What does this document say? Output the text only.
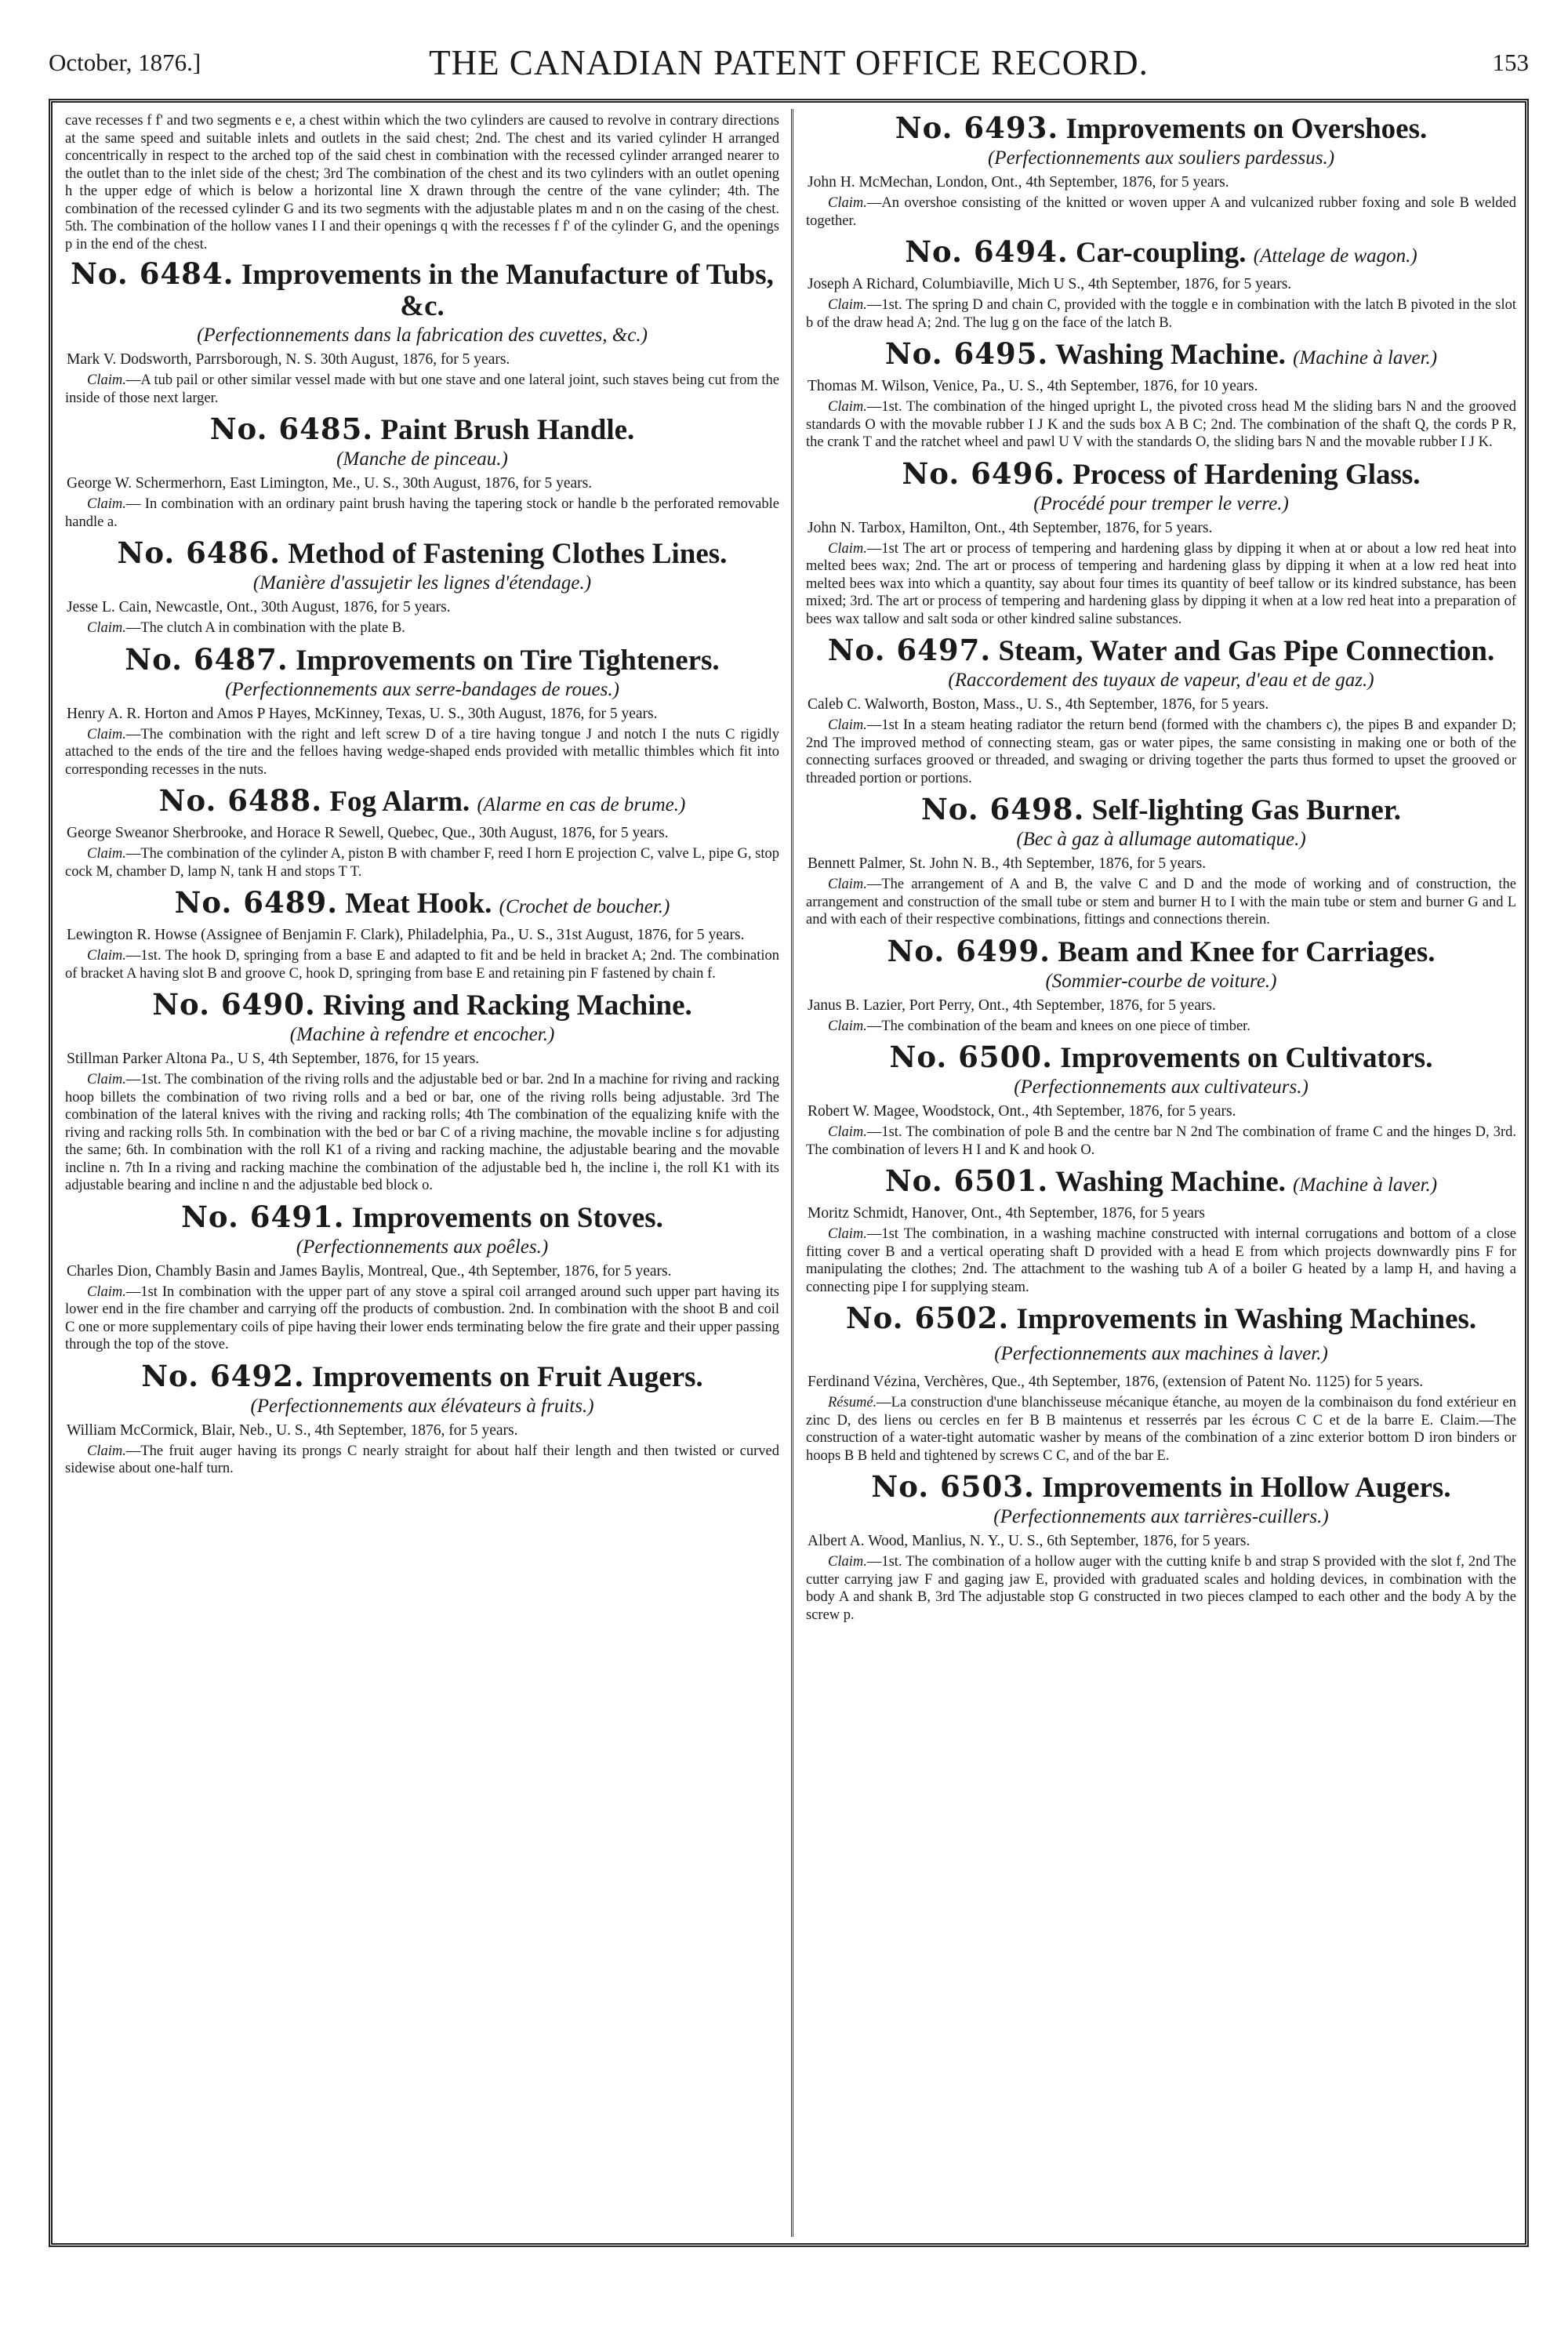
October, 1876.]	THE CANADIAN PATENT OFFICE RECORD.	153

cave recesses f f' and two segments e e, a chest within which the two cylinders are caused to revolve in contrary directions at the same speed and suitable inlets and outlets in the said chest; 2nd. The chest and its varied cylinder H arranged concentrically in respect to the arched top of the said chest in combination with the recessed cylinder arranged nearer to the outlet than to the inlet side of the chest; 3rd The combination of the chest and its two cylinders with an outlet opening h the upper edge of which is below a horizontal line X drawn through the centre of the vane cylinder; 4th. The combination of the recessed cylinder G and its two segments with the adjustable plates m and n on the casing of the chest. 5th. The combination of the hollow vanes I I and their openings q with the recesses f f' of the cylinder G, and the openings p in the end of the chest.

No. 6484. Improvements in the Manufacture of Tubs, &c.
(Perfectionnements dans la fabrication des cuvettes, &c.)
Mark V. Dodsworth, Parrsborough, N. S. 30th August, 1876, for 5 years.

Claim.—A tub pail or other similar vessel made with but one stave and one lateral joint, such staves being cut from the inside of those next larger.

No. 6485. Paint Brush Handle.
(Manche de pinceau.)
George W. Schermerhorn, East Limington, Me., U. S., 30th August, 1876, for 5 years.

Claim.— In combination with an ordinary paint brush having the tapering stock or handle b the perforated removable handle a.

No. 6486. Method of Fastening Clothes Lines.
(Manière d'assujetir les lignes d'étendage.)
Jesse L. Cain, Newcastle, Ont., 30th August, 1876, for 5 years.

Claim.—The clutch A in combination with the plate B.

No. 6487. Improvements on Tire Tighteners.
(Perfectionnements aux serre-bandages de roues.)
Henry A. R. Horton and Amos P Hayes, McKinney, Texas, U. S., 30th August, 1876, for 5 years.

Claim.—The combination with the right and left screw D of a tire having tongue J and notch I the nuts C rigidly attached to the ends of the tire and the felloes having wedge-shaped ends provided with metallic thimbles which fit into corresponding recesses in the nuts.

No. 6488. Fog Alarm. (Alarme en cas de brume.)
George Sweanor Sherbrooke, and Horace R Sewell, Quebec, Que., 30th August, 1876, for 5 years.

Claim.—The combination of the cylinder A, piston B with chamber F, reed I horn E projection C, valve L, pipe G, stop cock M, chamber D, lamp N, tank H and stops T T.

No. 6489. Meat Hook. (Crochet de boucher.)
Lewington R. Howse (Assignee of Benjamin F. Clark), Philadelphia, Pa., U. S., 31st August, 1876, for 5 years.

Claim.—1st. The hook D, springing from a base E and adapted to fit and be held in bracket A; 2nd. The combination of bracket A having slot B and groove C, hook D, springing from base E and retaining pin F fastened by chain f.

No. 6490. Riving and Racking Machine.
(Machine à refendre et encocher.)
Stillman Parker Altona Pa., U S, 4th September, 1876, for 15 years.

Claim.—1st. The combination of the riving rolls and the adjustable bed or bar. 2nd In a machine for riving and racking hoop billets the combination of two riving rolls and a bed or bar, one of the riving rolls being adjustable. 3rd The combination of the lateral knives with the riving and racking rolls; 4th The combination of the equalizing knife with the riving and racking rolls 5th. In combination with the bed or bar C of a riving machine, the movable incline s for adjusting the same; 6th. In combination with the roll K1 of a riving and racking machine, the adjustable bearing and the movable incline n. 7th In a riving and racking machine the combination of the adjustable bed h, the incline i, the roll K1 with its adjustable bearing and incline n and the adjustable bed block o.

No. 6491. Improvements on Stoves.
(Perfectionnements aux poêles.)
Charles Dion, Chambly Basin and James Baylis, Montreal, Que., 4th September, 1876, for 5 years.

Claim.—1st In combination with the upper part of any stove a spiral coil arranged around such upper part having its lower end in the fire chamber and carrying off the products of combustion. 2nd. In combination with the shoot B and coil C one or more supplementary coils of pipe having their lower ends terminating below the fire grate and their upper passing through the top of the stove.

No. 6492. Improvements on Fruit Augers.
(Perfectionnements aux élévateurs à fruits.)
William McCormick, Blair, Neb., U. S., 4th September, 1876, for 5 years.

Claim.—The fruit auger having its prongs C nearly straight for about half their length and then twisted or curved sidewise about one-half turn.

No. 6493. Improvements on Overshoes.
(Perfectionnements aux souliers pardessus.)
John H. McMechan, London, Ont., 4th September, 1876, for 5 years.

Claim.—An overshoe consisting of the knitted or woven upper A and vulcanized rubber foxing and sole B welded together.

No. 6494. Car-coupling. (Attelage de wagon.)
Joseph A Richard, Columbiaville, Mich U S., 4th September, 1876, for 5 years.

Claim.—1st. The spring D and chain C, provided with the toggle e in combination with the latch B pivoted in the slot b of the draw head A; 2nd. The lug g on the face of the latch B.

No. 6495. Washing Machine. (Machine à laver.)
Thomas M. Wilson, Venice, Pa., U. S., 4th September, 1876, for 10 years.

Claim.—1st. The combination of the hinged upright L, the pivoted cross head M the sliding bars N and the grooved standards O with the movable rubber I J K and the suds box A B C; 2nd. The combination of the shaft Q, the cords P R, the crank T and the ratchet wheel and pawl U V with the standards O, the sliding bars N and the movable rubber I J K.

No. 6496. Process of Hardening Glass.
(Procédé pour tremper le verre.)
John N. Tarbox, Hamilton, Ont., 4th September, 1876, for 5 years.

Claim.—1st The art or process of tempering and hardening glass by dipping it when at or about a low red heat into melted bees wax; 2nd. The art or process of tempering and hardening glass by dipping it when at a low red heat into melted bees wax into which a quantity, say about four times its quantity of beef tallow or its kindred substance, has been mixed; 3rd. The art or process of tempering and hardening glass by dipping it when at a low red heat into a preparation of bees wax tallow and salt soda or other kindred saline substances.

No. 6497. Steam, Water and Gas Pipe Connection.
(Raccordement des tuyaux de vapeur, d'eau et de gaz.)
Caleb C. Walworth, Boston, Mass., U. S., 4th September, 1876, for 5 years.

Claim.—1st In a steam heating radiator the return bend (formed with the chambers c), the pipes B and expander D; 2nd The improved method of connecting steam, gas or water pipes, the same consisting in making one or both of the connecting surfaces grooved or threaded, and swaging or driving together the parts thus formed to upset the grooved or threaded portion or portions.

No. 6498. Self-lighting Gas Burner.
(Bec à gaz à allumage automatique.)
Bennett Palmer, St. John N. B., 4th September, 1876, for 5 years.

Claim.—The arrangement of A and B, the valve C and D and the mode of working and of construction, the arrangement and construction of the small tube or stem and burner H to I with the main tube or stem and burner G and L and with each of their respective combinations, fittings and connections therein.

No. 6499. Beam and Knee for Carriages.
(Sommier-courbe de voiture.)
Janus B. Lazier, Port Perry, Ont., 4th September, 1876, for 5 years.

Claim.—The combination of the beam and knees on one piece of timber.

No. 6500. Improvements on Cultivators.
(Perfectionnements aux cultivateurs.)
Robert W. Magee, Woodstock, Ont., 4th September, 1876, for 5 years.

Claim.—1st. The combination of pole B and the centre bar N 2nd The combination of frame C and the hinges D, 3rd. The combination of levers H I and K and hook O.

No. 6501. Washing Machine. (Machine à laver.)
Moritz Schmidt, Hanover, Ont., 4th September, 1876, for 5 years

Claim.—1st The combination, in a washing machine constructed with internal corrugations and bottom of a close fitting cover B and a vertical operating shaft D provided with a head E from which projects downwardly pins F for manipulating the clothes; 2nd. The attachment to the washing tub A of a boiler G heated by a lamp H, and having a connecting pipe I for supplying steam.

No. 6502. Improvements in Washing Machines. (Perfectionnements aux machines à laver.)
Ferdinand Vézina, Verchères, Que., 4th September, 1876, (extension of Patent No. 1125) for 5 years.

Résumé.—La construction d'une blanchisseuse mécanique étanche, au moyen de la combinaison du fond extérieur en zinc D, des liens ou cercles en fer B B maintenus et resserrés par les écrous C C et de la barre E. Claim.—The construction of a water-tight automatic washer by means of the combination of a zinc exterior bottom D iron binders or hoops B B held and tightened by screws C C, and of the bar E.

No. 6503. Improvements in Hollow Augers.
(Perfectionnements aux tarrières-cuillers.)
Albert A. Wood, Manlius, N. Y., U. S., 6th September, 1876, for 5 years.

Claim.—1st. The combination of a hollow auger with the cutting knife b and strap S provided with the slot f, 2nd The cutter carrying jaw F and gaging jaw E, provided with graduated scales and holding devices, in combination with the body A and shank B, 3rd The adjustable stop G constructed in two pieces clamped to each other and the body A by the screw p.
